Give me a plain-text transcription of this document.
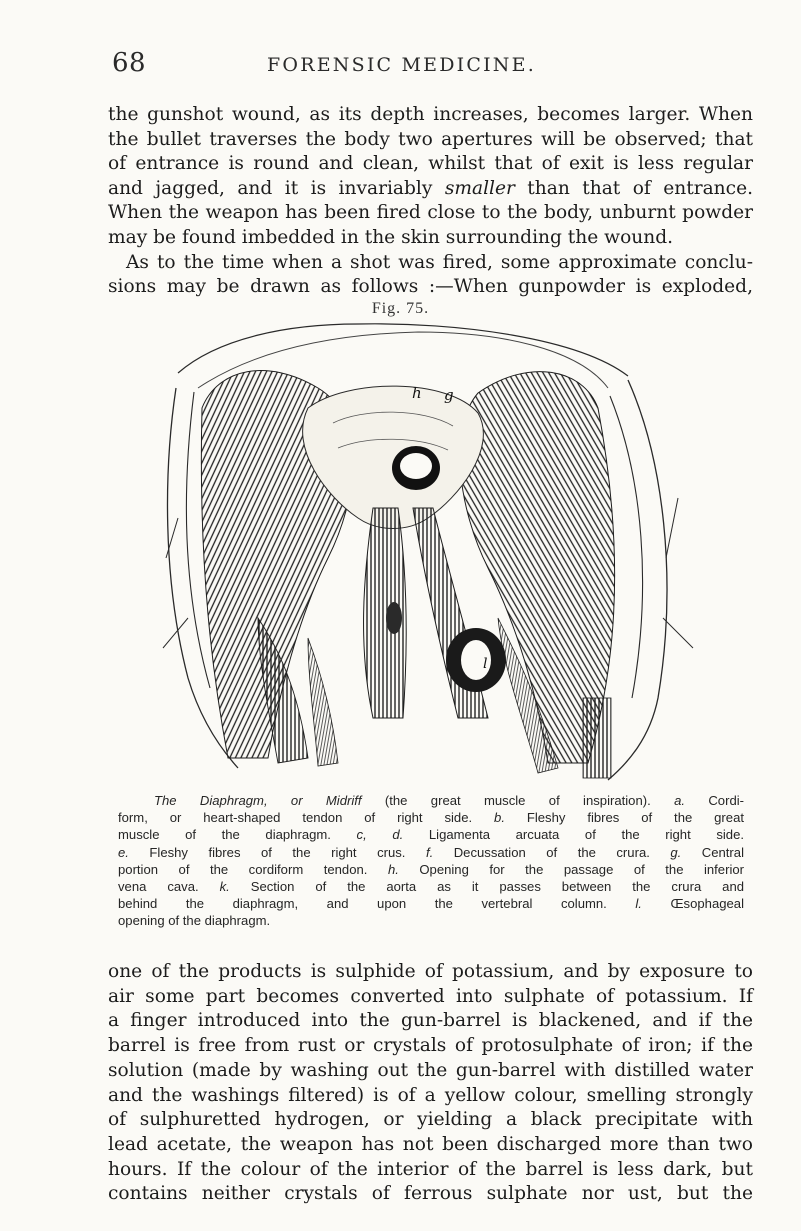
68	FORENSIC MEDICINE.

the gunshot wound, as its depth increases, becomes larger. When
the bullet traverses the body two apertures will be observed; that
of entrance is round and clean, whilst that of exit is less regular
and jagged, and it is invariably smaller than that of entrance.
When the weapon has been fired close to the body, unburnt powder
may be found imbedded in the skin surrounding the wound.
As to the time when a shot was fired, some approximate conclu-
sions may be drawn as follows :—When gunpowder is exploded,

Fig. 75.
h g
l

The Diaphragm, or Midriff (the great muscle of inspiration). a. Cordi-
form, or heart-shaped tendon of right side. b. Fleshy fibres of the great
muscle of the diaphragm. c, d. Ligamenta arcuata of the right side.
e. Fleshy fibres of the right crus. f. Decussation of the crura. g. Central
portion of the cordiform tendon. h. Opening for the passage of the inferior
vena cava. k. Section of the aorta as it passes between the crura and
behind the diaphragm, and upon the vertebral column. l. Œsophageal
opening of the diaphragm.

one of the products is sulphide of potassium, and by exposure to
air some part becomes converted into sulphate of potassium. If
a finger introduced into the gun-barrel is blackened, and if the
barrel is free from rust or crystals of protosulphate of iron; if the
solution (made by washing out the gun-barrel with distilled water
and the washings filtered) is of a yellow colour, smelling strongly
of sulphuretted hydrogen, or yielding a black precipitate with
lead acetate, the weapon has not been discharged more than two
hours. If the colour of the interior of the barrel is less dark, but
contains neither crystals of ferrous sulphate nor ust, but the
